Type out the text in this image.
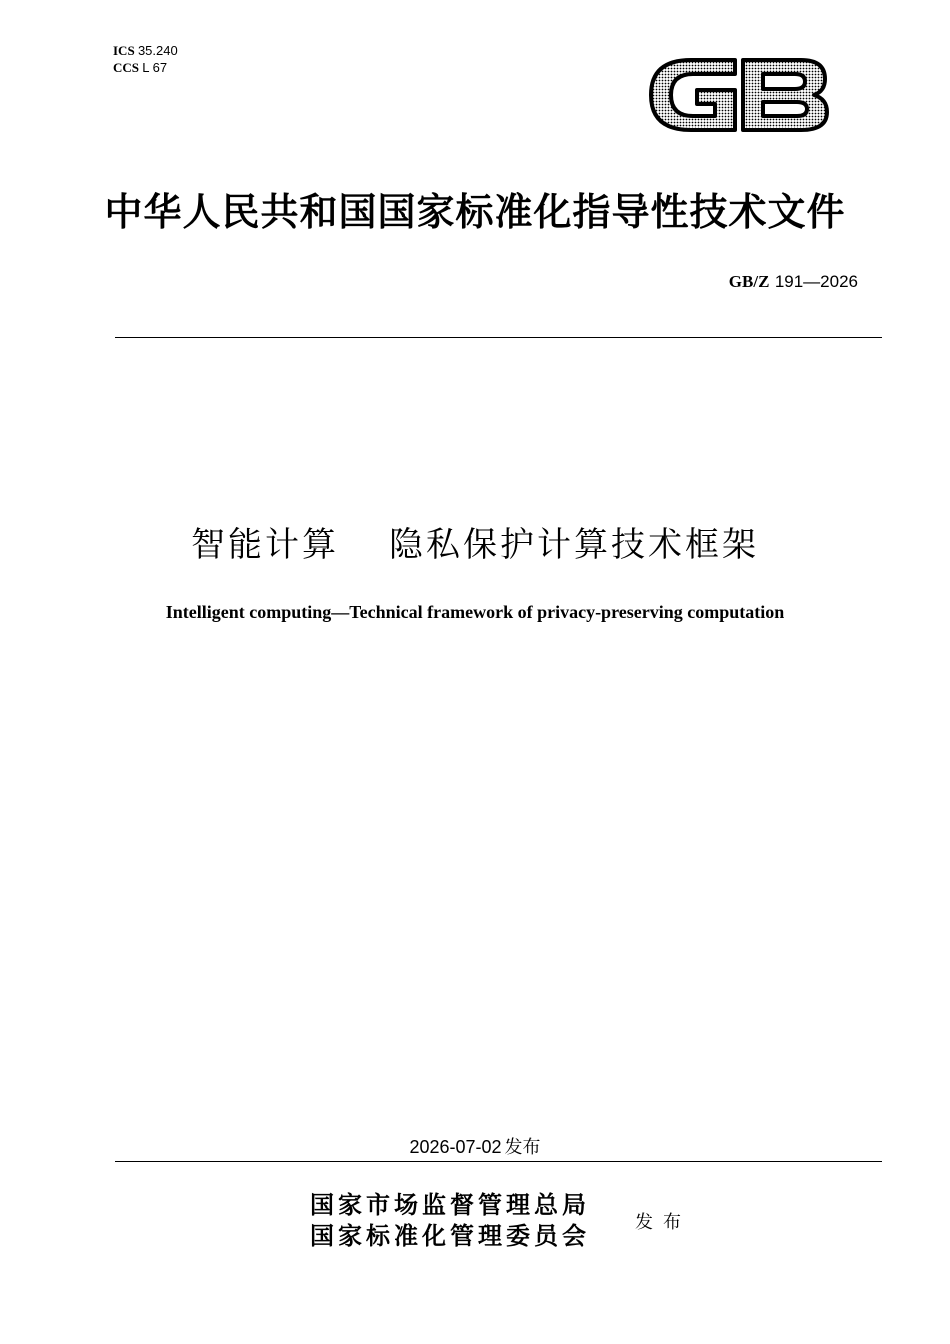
ICS 35.240
CCS L 67
中华人民共和国国家标准化指导性技术文件
GB/Z 191—2026
智能计算 隐私保护计算技术框架
Intelligent computing—Technical framework of privacy-preserving computation
2026-07-02 发布
国家市场监督管理总局
国家标准化管理委员会	发布
